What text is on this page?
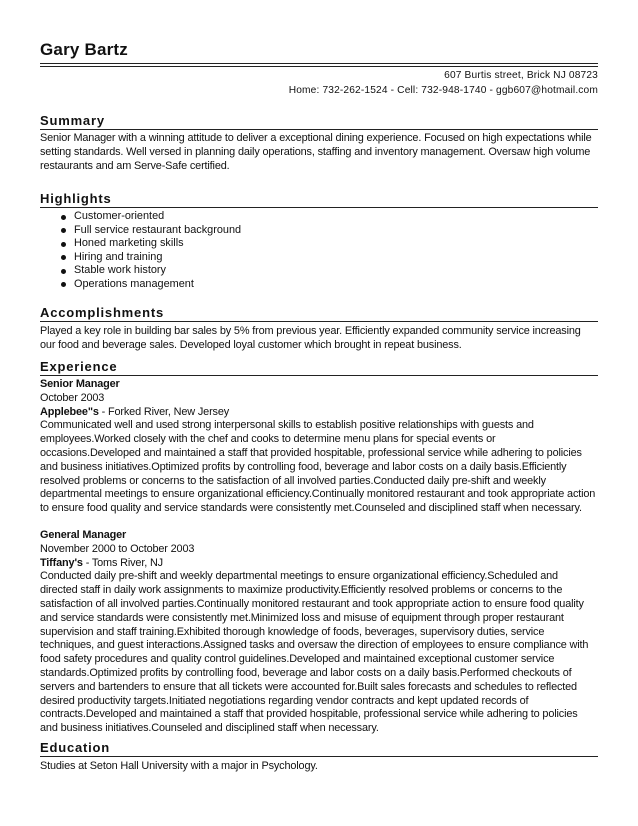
Gary Bartz
607 Burtis street, Brick NJ 08723
Home: 732-262-1524 - Cell: 732-948-1740 - ggb607@hotmail.com
Summary
Senior Manager with a winning attitude to deliver a exceptional dining experience. Focused on high expectations while setting standards. Well versed in planning daily operations, staffing and inventory management. Oversaw high volume restaurants and am Serve-Safe certified.
Highlights
Customer-oriented
Full service restaurant background
Honed marketing skills
Hiring and training
Stable work history
Operations management
Accomplishments
Played a key role in building bar sales by 5% from previous year. Efficiently expanded community service increasing our food and beverage sales. Developed loyal customer which brought in repeat business.
Experience
Senior Manager
October 2003
Applebee"s - Forked River, New Jersey
Communicated well and used strong interpersonal skills to establish positive relationships with guests and employees.Worked closely with the chef and cooks to determine menu plans for special events or occasions.Developed and maintained a staff that provided hospitable, professional service while adhering to policies and business initiatives.Optimized profits by controlling food, beverage and labor costs on a daily basis.Efficiently resolved problems or concerns to the satisfaction of all involved parties.Conducted daily pre-shift and weekly departmental meetings to ensure organizational efficiency.Continually monitored restaurant and took appropriate action to ensure food quality and service standards were consistently met.Counseled and disciplined staff when necessary.
General Manager
November 2000 to October 2003
Tiffany's - Toms River, NJ
Conducted daily pre-shift and weekly departmental meetings to ensure organizational efficiency.Scheduled and directed staff in daily work assignments to maximize productivity.Efficiently resolved problems or concerns to the satisfaction of all involved parties.Continually monitored restaurant and took appropriate action to ensure food quality and service standards were consistently met.Minimized loss and misuse of equipment through proper restaurant supervision and staff training.Exhibited thorough knowledge of foods, beverages, supervisory duties, service techniques, and guest interactions.Assigned tasks and oversaw the direction of employees to ensure compliance with food safety procedures and quality control guidelines.Developed and maintained exceptional customer service standards.Optimized profits by controlling food, beverage and labor costs on a daily basis.Performed checkouts of servers and bartenders to ensure that all tickets were accounted for.Built sales forecasts and schedules to reflected desired productivity targets.Initiated negotiations regarding vendor contracts and kept updated records of contracts.Developed and maintained a staff that provided hospitable, professional service while adhering to policies and business initiatives.Counseled and disciplined staff when necessary.
Education
Studies at Seton Hall University with a major in Psychology.
